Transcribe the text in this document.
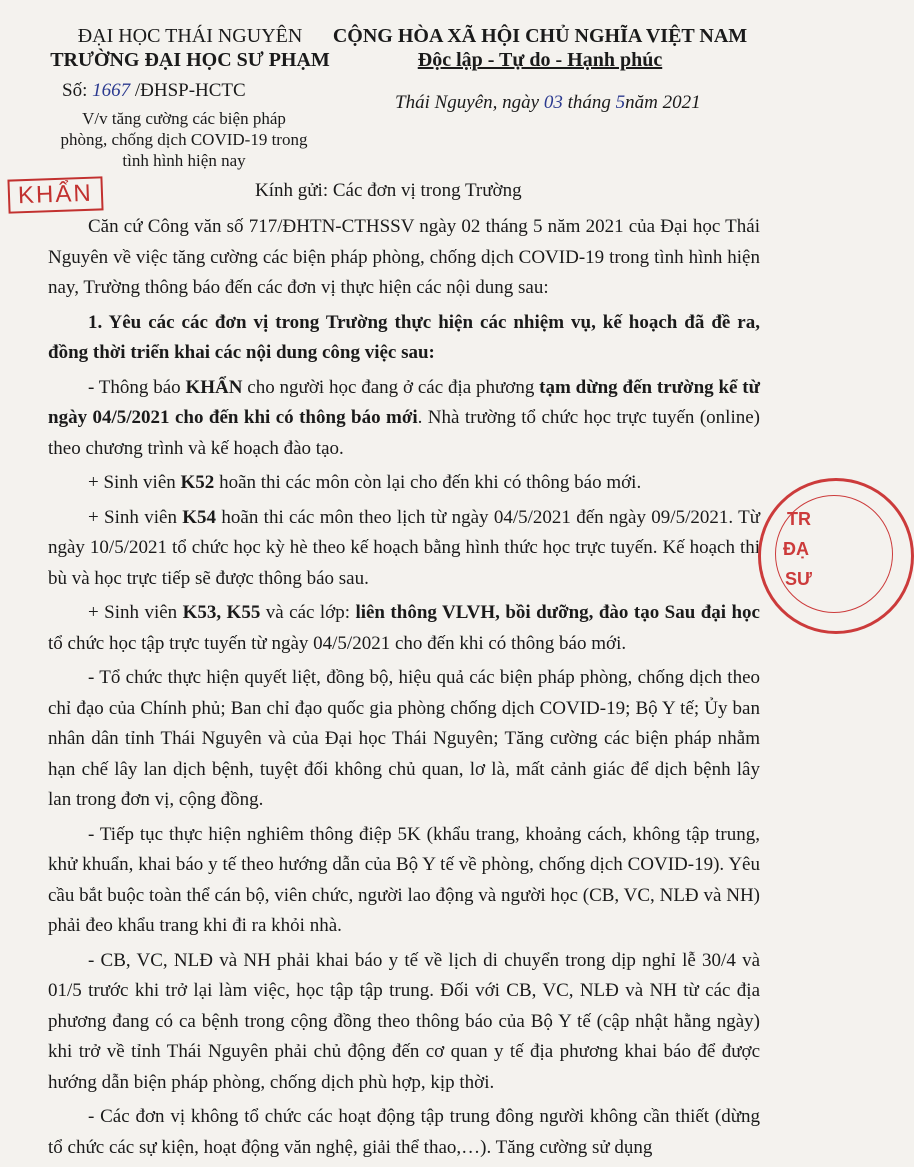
ĐẠI HỌC THÁI NGUYÊN
TRƯỜNG ĐẠI HỌC SƯ PHẠM
CỘNG HÒA XÃ HỘI CHỦ NGHĨA VIỆT NAM
Độc lập - Tự do - Hạnh phúc
Số: 1667 /ĐHSP-HCTC
V/v tăng cường các biện pháp
phòng, chống dịch COVID-19 trong
tình hình hiện nay
Thái Nguyên, ngày 03 tháng 5năm 2021
KHẨN	Kính gửi: Các đơn vị trong Trường

Căn cứ Công văn số 717/ĐHTN-CTHSSV ngày 02 tháng 5 năm 2021 của Đại học Thái Nguyên về việc tăng cường các biện pháp phòng, chống dịch COVID-19 trong tình hình hiện nay, Trường thông báo đến các đơn vị thực hiện các nội dung sau:

1. Yêu các các đơn vị trong Trường thực hiện các nhiệm vụ, kế hoạch đã đề ra, đồng thời triển khai các nội dung công việc sau:

- Thông báo KHẨN cho người học đang ở các địa phương tạm dừng đến trường kể từ ngày 04/5/2021 cho đến khi có thông báo mới. Nhà trường tổ chức học trực tuyến (online) theo chương trình và kế hoạch đào tạo.

+ Sinh viên K52 hoãn thi các môn còn lại cho đến khi có thông báo mới.

+ Sinh viên K54 hoãn thi các môn theo lịch từ ngày 04/5/2021 đến ngày 09/5/2021. Từ ngày 10/5/2021 tổ chức học kỳ hè theo kế hoạch bằng hình thức học trực tuyến. Kế hoạch thi bù và học trực tiếp sẽ được thông báo sau.

+ Sinh viên K53, K55 và các lớp: liên thông VLVH, bồi dưỡng, đào tạo Sau đại học tổ chức học tập trực tuyến từ ngày 04/5/2021 cho đến khi có thông báo mới.

- Tổ chức thực hiện quyết liệt, đồng bộ, hiệu quả các biện pháp phòng, chống dịch theo chỉ đạo của Chính phủ; Ban chỉ đạo quốc gia phòng chống dịch COVID-19; Bộ Y tế; Ủy ban nhân dân tỉnh Thái Nguyên và của Đại học Thái Nguyên; Tăng cường các biện pháp nhằm hạn chế lây lan dịch bệnh, tuyệt đối không chủ quan, lơ là, mất cảnh giác để dịch bệnh lây lan trong đơn vị, cộng đồng.

- Tiếp tục thực hiện nghiêm thông điệp 5K (khẩu trang, khoảng cách, không tập trung, khử khuẩn, khai báo y tế theo hướng dẫn của Bộ Y tế về phòng, chống dịch COVID-19). Yêu cầu bắt buộc toàn thể cán bộ, viên chức, người lao động và người học (CB, VC, NLĐ và NH) phải đeo khẩu trang khi đi ra khỏi nhà.

- CB, VC, NLĐ và NH phải khai báo y tế về lịch di chuyển trong dịp nghỉ lễ 30/4 và 01/5 trước khi trở lại làm việc, học tập tập trung. Đối với CB, VC, NLĐ và NH từ các địa phương đang có ca bệnh trong cộng đồng theo thông báo của Bộ Y tế (cập nhật hằng ngày) khi trở về tỉnh Thái Nguyên phải chủ động đến cơ quan y tế địa phương khai báo để được hướng dẫn biện pháp phòng, chống dịch phù hợp, kịp thời.

- Các đơn vị không tổ chức các hoạt động tập trung đông người không cần thiết (dừng tổ chức các sự kiện, hoạt động văn nghệ, giải thể thao,…). Tăng cường sử dụng

TR
ĐẠ
SƯ
